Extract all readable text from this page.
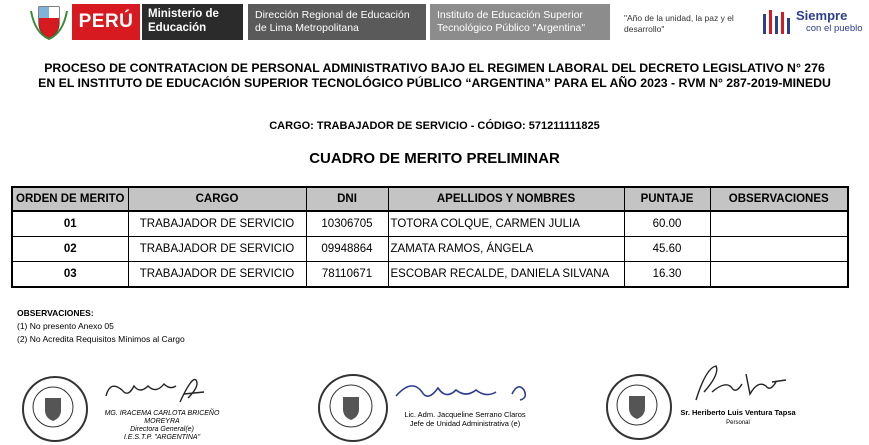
PERÚ	Ministerio de Educación
Dirección Regional de Educación de Lima Metropolitana
Instituto de Educación Superior Tecnológico Público "Argentina"
"Año de la unidad, la paz y el desarrollo"
Siempre
con el pueblo
PROCESO DE CONTRATACION DE PERSONAL ADMINISTRATIVO BAJO EL REGIMEN LABORAL DEL DECRETO LEGISLATIVO N° 276
EN EL INSTITUTO DE EDUCACIÓN SUPERIOR TECNOLÓGICO PÚBLICO “ARGENTINA” PARA EL AÑO 2023 - RVM N° 287-2019-MINEDU
CARGO: TRABAJADOR DE SERVICIO - CÓDIGO: 571211111825
CUADRO DE MERITO PRELIMINAR
ORDEN DE MERITO	CARGO	DNI	APELLIDOS Y NOMBRES	PUNTAJE	OBSERVACIONES
01	TRABAJADOR DE SERVICIO	10306705	TOTORA COLQUE, CARMEN JULIA	60.00	
02	TRABAJADOR DE SERVICIO	09948864	ZAMATA RAMOS, ÁNGELA	45.60	
03	TRABAJADOR DE SERVICIO	78110671	ESCOBAR RECALDE, DANIELA SILVANA	16.30	
OBSERVACIONES:
(1) No presento Anexo 05
(2) No Acredita Requisitos Mínimos al Cargo
MG. IRACEMA CARLOTA BRICEÑO MOREYRA
Directora General(e)
I.E.S.T.P. "ARGENTINA"
Lic. Adm. Jacqueline Serrano Claros
Jefe de Unidad Administrativa (e)
Sr. Heriberto Luis Ventura Tapsa
Personal
